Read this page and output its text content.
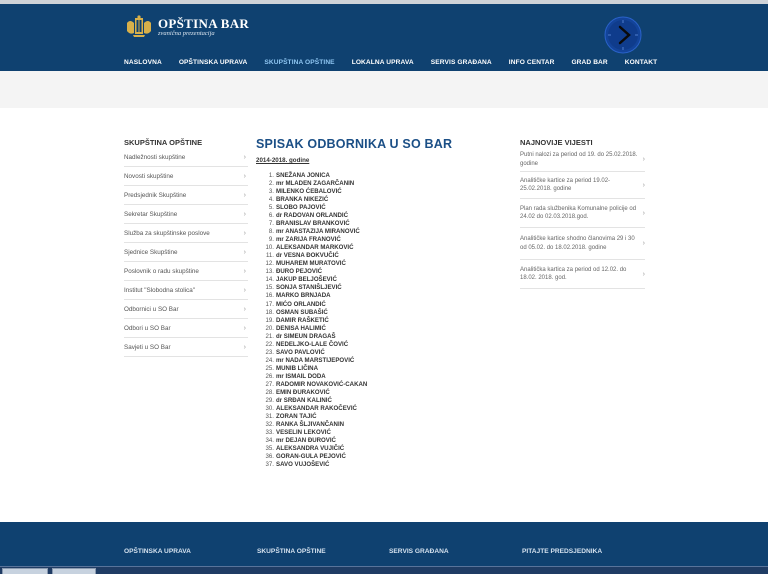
OPŠTINA BAR
zvanična prezentacija
NASLOVNA	OPŠTINSKA UPRAVA	SKUPŠTINA OPŠTINE	LOKALNA UPRAVA	SERVIS GRAĐANA	INFO CENTAR	GRAD BAR	KONTAKT
SKUPŠTINA OPŠTINE
Nadležnosti skupštine	›
Novosti skupštine	›
Predsjednik Skupštine	›
Sekretar Skupštine	›
Služba za skupštinske poslove	›
Sjednice Skupštine	›
Poslovnik o radu skupštine	›
Institut "Slobodna stolica"	›
Odbornici u SO Bar	›
Odbori u SO Bar	›
Savjeti u SO Bar	›
SPISAK ODBORNIKA U SO BAR
2014-2018. godine
1. SNEŽANA JONICA
2. mr MLADEN ZAGARČANIN
3. MILENKO ĆEBALOVIĆ
4. BRANKA NIKEZIĆ
5. SLOBO PAJOVIĆ
6. dr RADOVAN ORLANDIĆ
7. BRANISLAV BRANKOVIĆ
8. mr ANASTAZIJA MIRANOVIĆ
9. mr ZARIJA FRANOVIĆ
10. ALEKSANDAR MARKOVIĆ
11. dr VESNA ĐOKVUČIĆ
12. MUHAREM MURATOVIĆ
13. ĐURO PEJOVIĆ
14. JAKUP BELJOŠEVIĆ
15. SONJA STANIŠLJEVIĆ
16. MARKO BRNJADA
17. MIĆO ORLANDIĆ
18. OSMAN SUBAŠIĆ
19. DAMIR RAŠKETIĆ
20. DENISA HALIMIĆ
21. dr SIMEUN DRAGAŠ
22. NEDELJKO-LALE ČOVIĆ
23. SAVO PAVLOVIĆ
24. mr NADA MARSTIJEPOVIĆ
25. MUNIB LIČINA
26. mr ISMAIL DODA
27. RADOMIR NOVAKOVIĆ-CAKAN
28. EMIN ĐURAKOVIĆ
29. dr SRĐAN KALINIĆ
30. ALEKSANDAR RAKOČEVIĆ
31. ZORAN TAJIĆ
32. RANKA ŠLJIVANČANIN
33. VESELIN LEKOVIĆ
34. mr DEJAN ĐUROVIĆ
35. ALEKSANDRA VUJIČIĆ
36. GORAN-GULA PEJOVIĆ
37. SAVO VUJOŠEVIĆ
NAJNOVIJE VIJESTI
Putni nalozi za period od 19. do 25.02.2018. godine
›
Analitičke kartice za period 19.02-25.02.2018. godine
›
Plan rada službenika Komunalne policije od 24.02 do 02.03.2018.god.
›
Analitičke kartice shodno članovima 29 i 30 od 05.02. do 18.02.2018. godine
›
Analitička kartica za period od 12.02. do 18.02. 2018. god.
›
OPŠTINSKA UPRAVA	SKUPŠTINA OPŠTINE	SERVIS GRAĐANA	PITAJTE PREDSJEDNIKA
